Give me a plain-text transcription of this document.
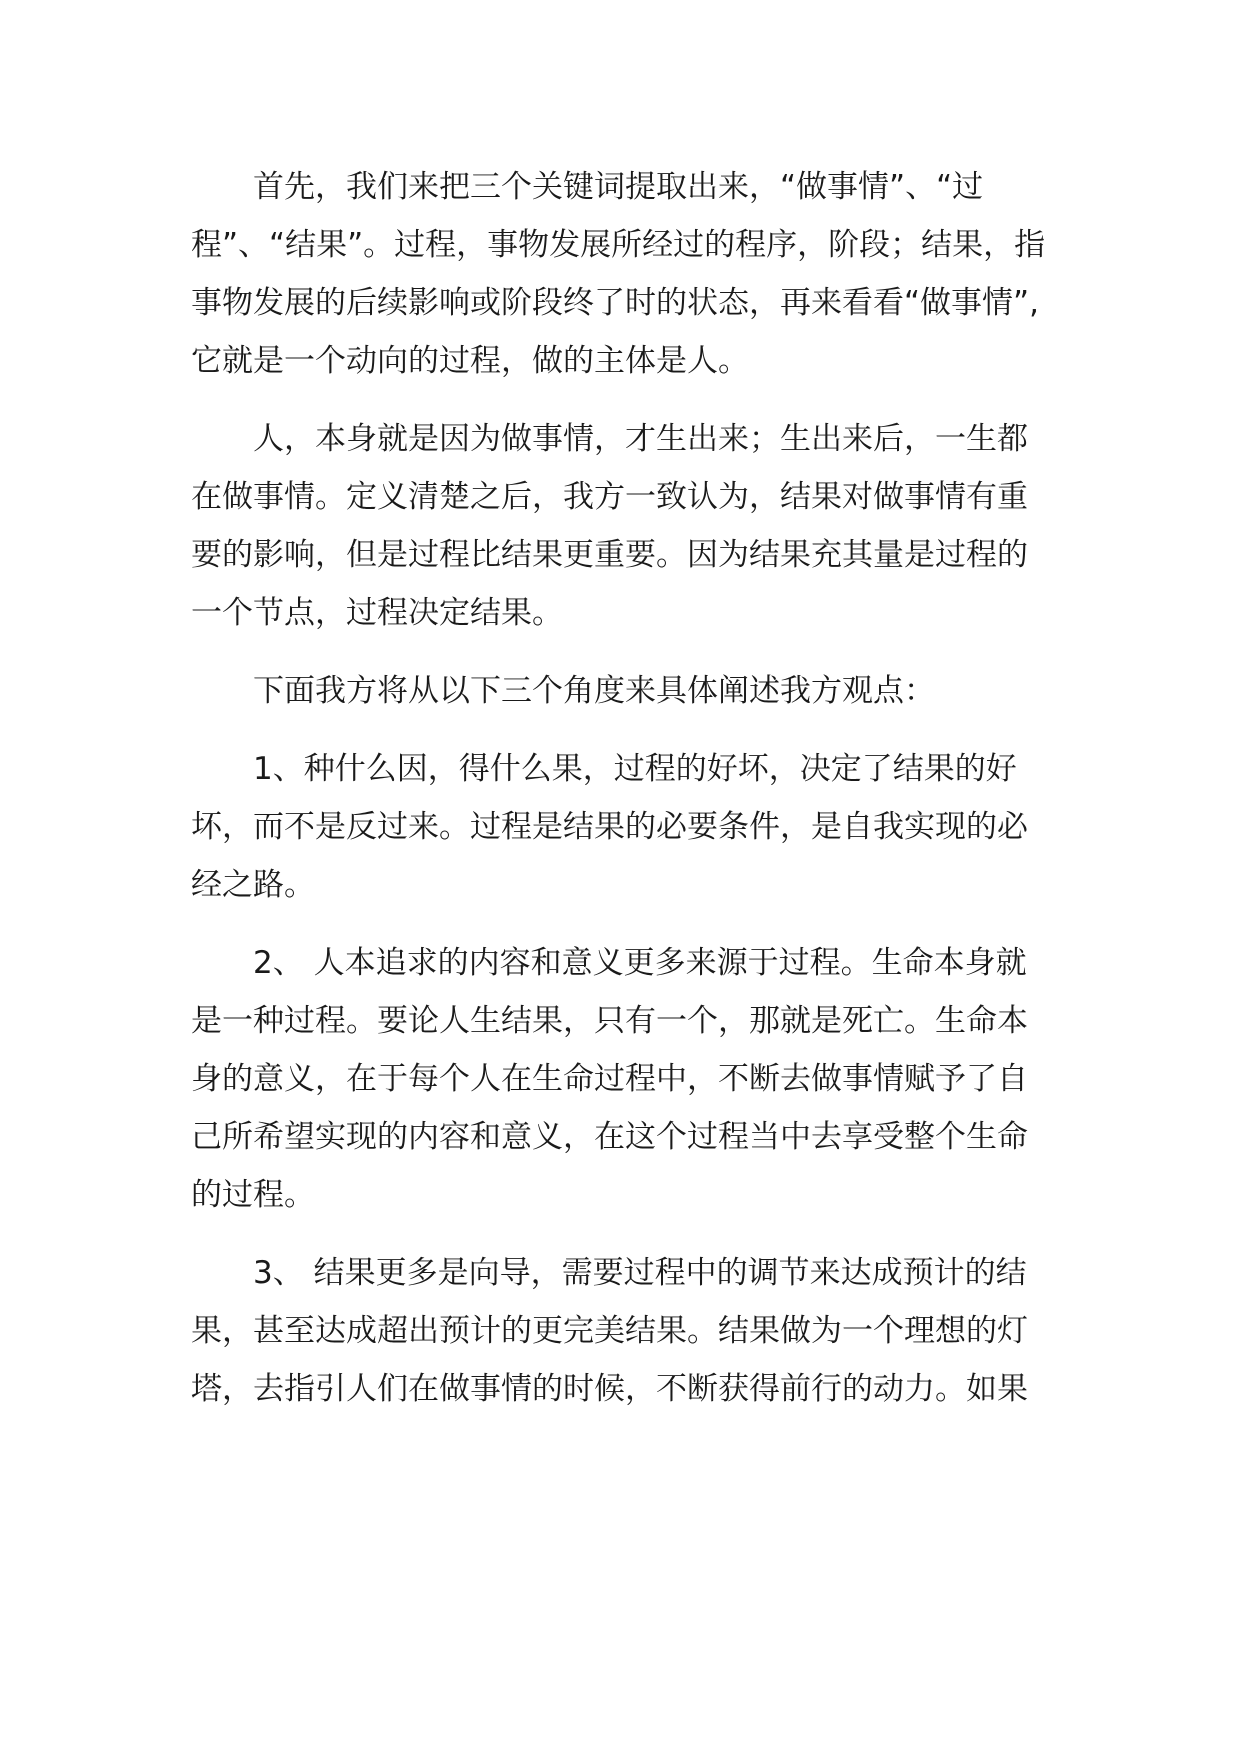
首先，我们来把三个关键词提取出来，“做事情”、“过程”、“结果”。过程，事物发展所经过的程序，阶段；结果，指事物发展的后续影响或阶段终了时的状态，再来看看“做事情”,它就是一个动向的过程，做的主体是人。

人，本身就是因为做事情，才生出来；生出来后，一生都在做事情。定义清楚之后，我方一致认为，结果对做事情有重要的影响，但是过程比结果更重要。因为结果充其量是过程的一个节点，过程决定结果。

下面我方将从以下三个角度来具体阐述我方观点：

1、种什么因，得什么果，过程的好坏，决定了结果的好坏，而不是反过来。过程是结果的必要条件，是自我实现的必经之路。

2、 人本追求的内容和意义更多来源于过程。生命本身就是一种过程。要论人生结果，只有一个，那就是死亡。生命本身的意义，在于每个人在生命过程中，不断去做事情赋予了自己所希望实现的内容和意义，在这个过程当中去享受整个生命

的过程。

3、 结果更多是向导，需要过程中的调节来达成预计的结果，甚至达成超出预计的更完美结果。结果做为一个理想的灯塔，去指引人们在做事情的时候，不断获得前行的动力。如果
